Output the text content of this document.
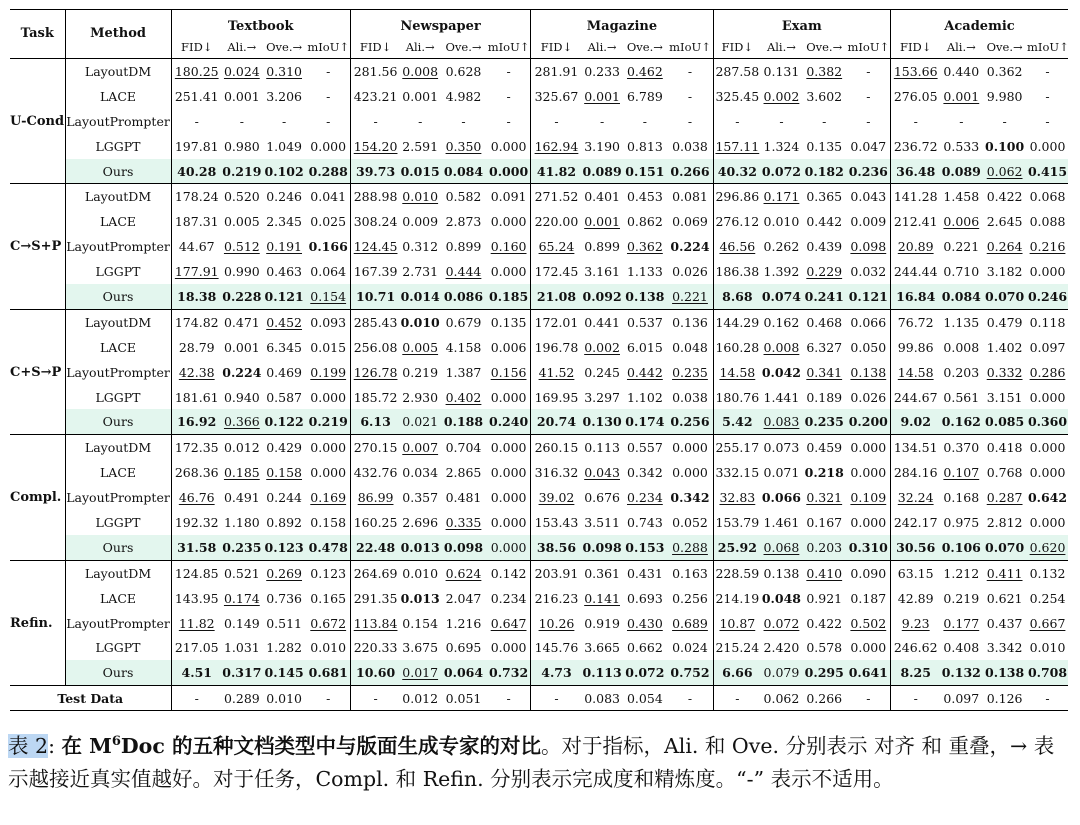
Task	Method	Textbook				Newspaper				Magazine				Exam				Academic			
		FID↓	Ali.→	Ove.→	mIoU↑	FID↓	Ali.→	Ove.→	mIoU↑	FID↓	Ali.→	Ove.→	mIoU↑	FID↓	Ali.→	Ove.→	mIoU↑	FID↓	Ali.→	Ove.→	mIoU↑
U-Cond	LayoutDM	180.25	0.024	0.310	-	281.56	0.008	0.628	-	281.91	0.233	0.462	-	287.58	0.131	0.382	-	153.66	0.440	0.362	-
	LACE	251.41	0.001	3.206	-	423.21	0.001	4.982	-	325.67	0.001	6.789	-	325.45	0.002	3.602	-	276.05	0.001	9.980	-
	LayoutPrompter	-	-	-	-	-	-	-	-	-	-	-	-	-	-	-	-	-	-	-	-
	LGGPT	197.81	0.980	1.049	0.000	154.20	2.591	0.350	0.000	162.94	3.190	0.813	0.038	157.11	1.324	0.135	0.047	236.72	0.533	0.100	0.000
	Ours	40.28	0.219	0.102	0.288	39.73	0.015	0.084	0.000	41.82	0.089	0.151	0.266	40.32	0.072	0.182	0.236	36.48	0.089	0.062	0.415
C→S+P	LayoutDM	178.24	0.520	0.246	0.041	288.98	0.010	0.582	0.091	271.52	0.401	0.453	0.081	296.86	0.171	0.365	0.043	141.28	1.458	0.422	0.068
	LACE	187.31	0.005	2.345	0.025	308.24	0.009	2.873	0.000	220.00	0.001	0.862	0.069	276.12	0.010	0.442	0.009	212.41	0.006	2.645	0.088
	LayoutPrompter	44.67	0.512	0.191	0.166	124.45	0.312	0.899	0.160	65.24	0.899	0.362	0.224	46.56	0.262	0.439	0.098	20.89	0.221	0.264	0.216
	LGGPT	177.91	0.990	0.463	0.064	167.39	2.731	0.444	0.000	172.45	3.161	1.133	0.026	186.38	1.392	0.229	0.032	244.44	0.710	3.182	0.000
	Ours	18.38	0.228	0.121	0.154	10.71	0.014	0.086	0.185	21.08	0.092	0.138	0.221	8.68	0.074	0.241	0.121	16.84	0.084	0.070	0.246
C+S→P	LayoutDM	174.82	0.471	0.452	0.093	285.43	0.010	0.679	0.135	172.01	0.441	0.537	0.136	144.29	0.162	0.468	0.066	76.72	1.135	0.479	0.118
	LACE	28.79	0.001	6.345	0.015	256.08	0.005	4.158	0.006	196.78	0.002	6.015	0.048	160.28	0.008	6.327	0.050	99.86	0.008	1.402	0.097
	LayoutPrompter	42.38	0.224	0.469	0.199	126.78	0.219	1.387	0.156	41.52	0.245	0.442	0.235	14.58	0.042	0.341	0.138	14.58	0.203	0.332	0.286
	LGGPT	181.61	0.940	0.587	0.000	185.72	2.930	0.402	0.000	169.95	3.297	1.102	0.038	180.76	1.441	0.189	0.026	244.67	0.561	3.151	0.000
	Ours	16.92	0.366	0.122	0.219	6.13	0.021	0.188	0.240	20.74	0.130	0.174	0.256	5.42	0.083	0.235	0.200	9.02	0.162	0.085	0.360
Compl.	LayoutDM	172.35	0.012	0.429	0.000	270.15	0.007	0.704	0.000	260.15	0.113	0.557	0.000	255.17	0.073	0.459	0.000	134.51	0.370	0.418	0.000
	LACE	268.36	0.185	0.158	0.000	432.76	0.034	2.865	0.000	316.32	0.043	0.342	0.000	332.15	0.071	0.218	0.000	284.16	0.107	0.768	0.000
	LayoutPrompter	46.76	0.491	0.244	0.169	86.99	0.357	0.481	0.000	39.02	0.676	0.234	0.342	32.83	0.066	0.321	0.109	32.24	0.168	0.287	0.642
	LGGPT	192.32	1.180	0.892	0.158	160.25	2.696	0.335	0.000	153.43	3.511	0.743	0.052	153.79	1.461	0.167	0.000	242.17	0.975	2.812	0.000
	Ours	31.58	0.235	0.123	0.478	22.48	0.013	0.098	0.000	38.56	0.098	0.153	0.288	25.92	0.068	0.203	0.310	30.56	0.106	0.070	0.620
Refin.	LayoutDM	124.85	0.521	0.269	0.123	264.69	0.010	0.624	0.142	203.91	0.361	0.431	0.163	228.59	0.138	0.410	0.090	63.15	1.212	0.411	0.132
	LACE	143.95	0.174	0.736	0.165	291.35	0.013	2.047	0.234	216.23	0.141	0.693	0.256	214.19	0.048	0.921	0.187	42.89	0.219	0.621	0.254
	LayoutPrompter	11.82	0.149	0.511	0.672	113.84	0.154	1.216	0.647	10.26	0.919	0.430	0.689	10.87	0.072	0.422	0.502	9.23	0.177	0.437	0.667
	LGGPT	217.05	1.031	1.282	0.010	220.33	3.675	0.695	0.000	145.76	3.665	0.662	0.024	215.24	2.420	0.578	0.000	246.62	0.408	3.342	0.010
	Ours	4.51	0.317	0.145	0.681	10.60	0.017	0.064	0.732	4.73	0.113	0.072	0.752	6.66	0.079	0.295	0.641	8.25	0.132	0.138	0.708
Test Data		-	0.289	0.010	-	-	0.012	0.051	-	-	0.083	0.054	-	-	0.062	0.266	-	-	0.097	0.126	-
表 2: 在 $M^6Doc$ 的五种文档类型中与版面生成专家的对比。对于指标，Ali. 和 Ove. 分别表示 对齐 和 重叠，→ 表示越接近真实值越好。对于任务，Compl. 和 Refin. 分别表示完成度和精炼度。“-” 表示不适用。
